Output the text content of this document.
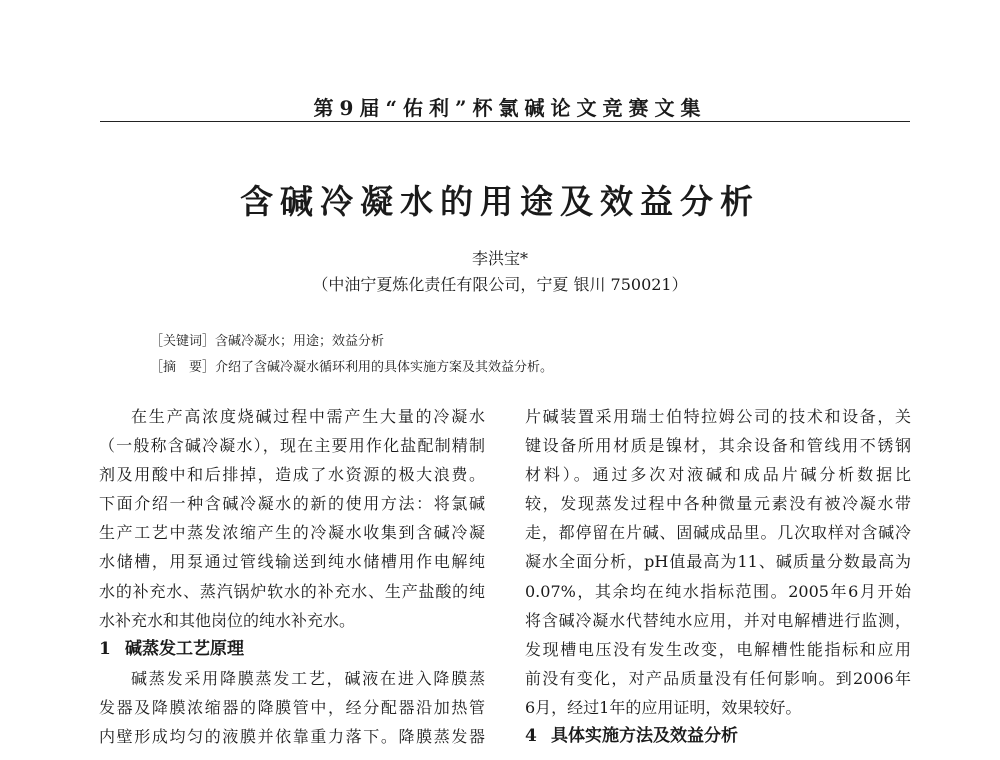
第9届“佑利”杯氯碱论文竞赛文集
含碱冷凝水的用途及效益分析
李洪宝*
（中油宁夏炼化责任有限公司，宁夏 银川 750021）
［关键词］含碱冷凝水；用途；效益分析
［摘　要］介绍了含碱冷凝水循环利用的具体实施方案及其效益分析。
在生产高浓度烧碱过程中需产生大量的冷凝水
（一般称含碱冷凝水），现在主要用作化盐配制精制
剂及用酸中和后排掉，造成了水资源的极大浪费。
下面介绍一种含碱冷凝水的新的使用方法：将氯碱
生产工艺中蒸发浓缩产生的冷凝水收集到含碱冷凝
水储槽，用泵通过管线输送到纯水储槽用作电解纯
水的补充水、蒸汽锅炉软水的补充水、生产盐酸的纯
水补充水和其他岗位的纯水补充水。
1 碱蒸发工艺原理
碱蒸发采用降膜蒸发工艺，碱液在进入降膜蒸
发器及降膜浓缩器的降膜管中，经分配器沿加热管
内壁形成均匀的液膜并依靠重力落下。降膜蒸发器
片碱装置采用瑞士伯特拉姆公司的技术和设备，关
键设备所用材质是镍材，其余设备和管线用不锈钢
材料）。通过多次对液碱和成品片碱分析数据比
较，发现蒸发过程中各种微量元素没有被冷凝水带
走，都停留在片碱、固碱成品里。几次取样对含碱冷
凝水全面分析，pH值最高为11、碱质量分数最高为
0.07%，其余均在纯水指标范围。2005年6月开始
将含碱冷凝水代替纯水应用，并对电解槽进行监测，
发现槽电压没有发生改变，电解槽性能指标和应用
前没有变化，对产品质量没有任何影响。到2006年
6月，经过1年的应用证明，效果较好。
4 具体实施方法及效益分析
